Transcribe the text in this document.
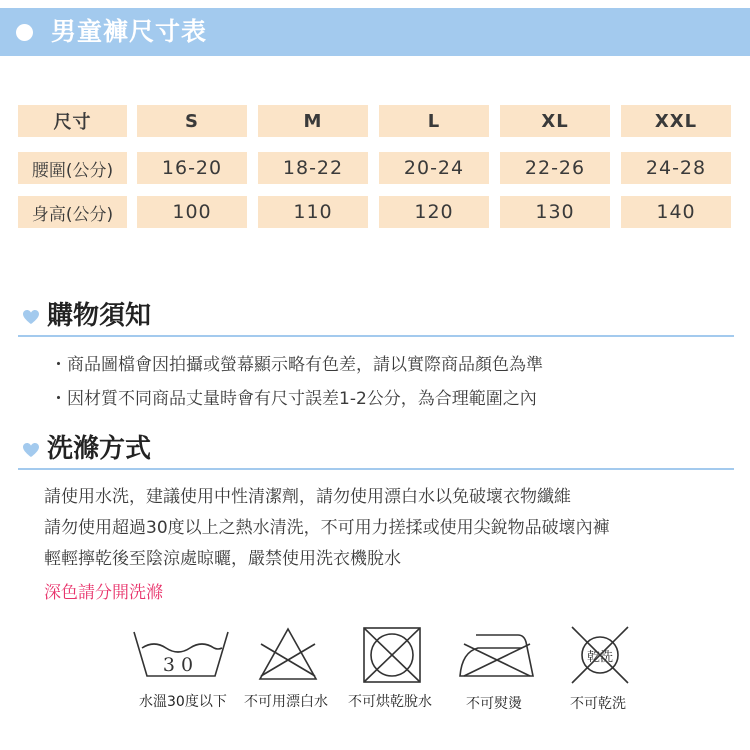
男童褲尺寸表
尺寸	S	M	L	XL	XXL
腰圍(公分)	16-20	18-22	20-24	22-26	24-28
身高(公分)	100	110	120	130	140
購物須知
・商品圖檔會因拍攝或螢幕顯示略有色差，請以實際商品顏色為準
・因材質不同商品丈量時會有尺寸誤差1-2公分，為合理範圍之內
洗滌方式
請使用水洗，建議使用中性清潔劑，請勿使用漂白水以免破壞衣物纖維
請勿使用超過30度以上之熱水清洗，不可用力搓揉或使用尖銳物品破壞內褲
輕輕擰乾後至陰涼處晾曬，嚴禁使用洗衣機脫水
深色請分開洗滌
30	乾洗
水溫30度以下 不可用漂白水 不可烘乾脫水 不可熨燙	不可乾洗
